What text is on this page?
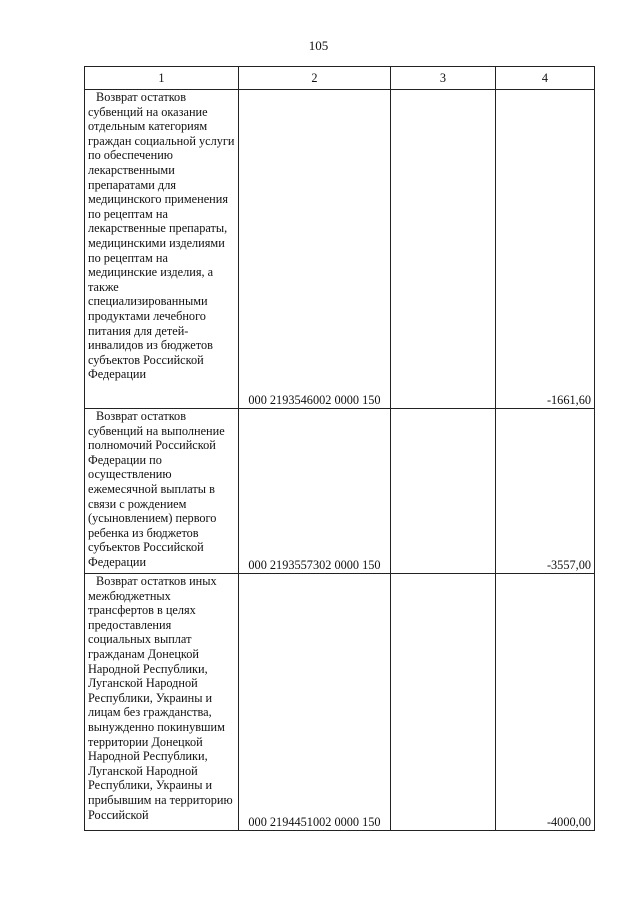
105
1	2	3	4

Возврат остатков субвенций на оказание отдельным категориям граждан социальной услуги по обеспечению лекарственными препаратами для медицинского применения по рецептам на лекарственные препараты, медицинскими изделиями по рецептам на медицинские изделия, а также специализированными продуктами лечебного питания для детей-инвалидов из бюджетов субъектов Российской Федерации	000 2193546002 0000 150		-1661,60

Возврат остатков субвенций на выполнение полномочий Российской Федерации по осуществлению ежемесячной выплаты в связи с рождением (усыновлением) первого ребенка из бюджетов субъектов Российской Федерации	000 2193557302 0000 150		-3557,00

Возврат остатков иных межбюджетных трансфертов в целях предоставления социальных выплат гражданам Донецкой Народной Республики, Луганской Народной Республики, Украины и лицам без гражданства, вынужденно покинувшим территории Донецкой Народной Республики, Луганской Народной Республики, Украины и прибывшим на территорию Российской	000 2194451002 0000 150		-4000,00
